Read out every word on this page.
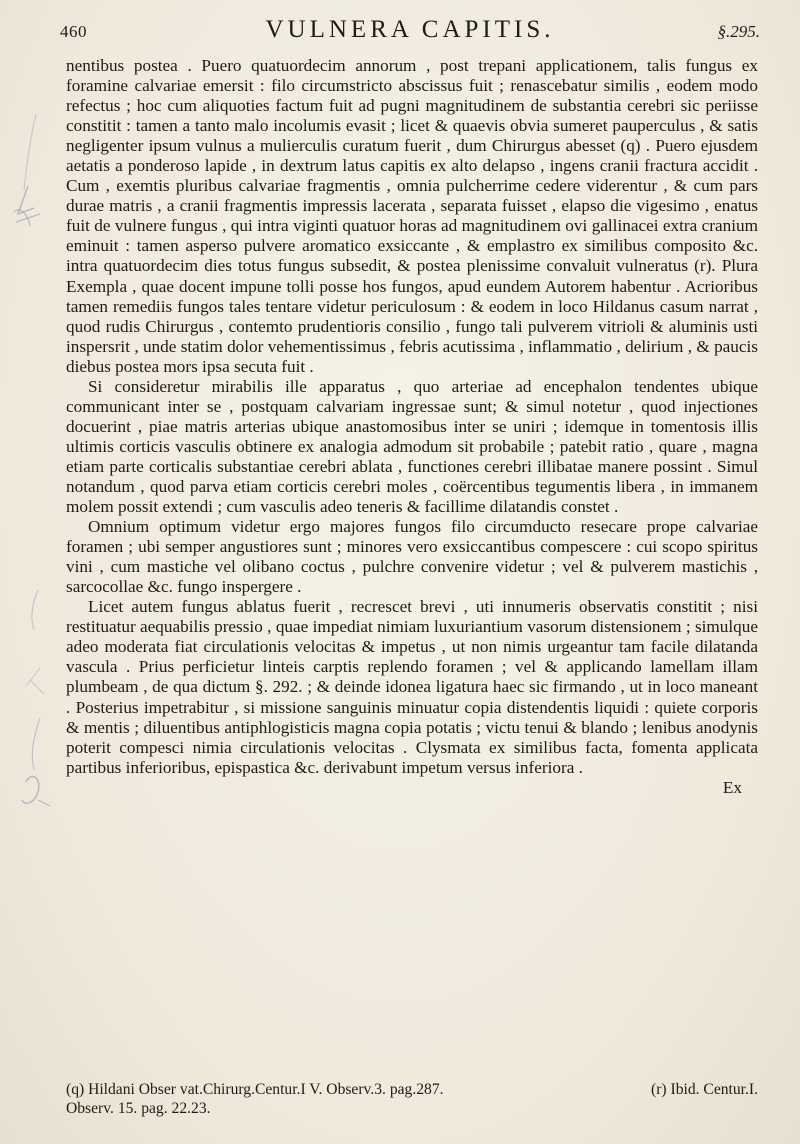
460	VULNERA CAPITIS.	§.295.

nentibus postea . Puero quatuordecim annorum , post trepani applicationem, talis fungus ex foramine calvariae emersit : filo circumstricto abscissus fuit ; renascebatur similis , eodem modo refectus ; hoc cum aliquoties factum fuit ad pugni magnitudinem de substantia cerebri sic periisse constitit : tamen a tanto malo incolumis evasit ; licet & quaevis obvia sumeret pauperculus , & satis negligenter ipsum vulnus a mulierculis curatum fuerit , dum Chirurgus abesset (q) . Puero ejusdem aetatis a ponderoso lapide , in dextrum latus capitis ex alto delapso , ingens cranii fractura accidit . Cum , exemtis pluribus calvariae fragmentis , omnia pulcherrime cedere viderentur , & cum pars durae matris , a cranii fragmentis impressis lacerata , separata fuisset , elapso die vigesimo , enatus fuit de vulnere fungus , qui intra viginti quatuor horas ad magnitudinem ovi gallinacei extra cranium eminuit : tamen asperso pulvere aromatico exsiccante , & emplastro ex similibus composito &c. intra quatuordecim dies totus fungus subsedit, & postea plenissime convaluit vulneratus (r). Plura Exempla , quae docent impune tolli posse hos fungos, apud eundem Autorem habentur . Acrioribus tamen remediis fungos tales tentare videtur periculosum : & eodem in loco Hildanus casum narrat , quod rudis Chirurgus , contemto prudentioris consilio , fungo tali pulverem vitrioli & aluminis usti inspersrit , unde statim dolor vehementissimus , febris acutissima , inflammatio , delirium , & paucis diebus postea mors ipsa secuta fuit .

Si consideretur mirabilis ille apparatus , quo arteriae ad encephalon tendentes ubique communicant inter se , postquam calvariam ingressae sunt; & simul notetur , quod injectiones docuerint , piae matris arterias ubique anastomosibus inter se uniri ; idemque in tomentosis illis ultimis corticis vasculis obtinere ex analogia admodum sit probabile ; patebit ratio , quare , magna etiam parte corticalis substantiae cerebri ablata , functiones cerebri illibatae manere possint . Simul notandum , quod parva etiam corticis cerebri moles , coërcentibus tegumentis libera , in immanem molem possit extendi ; cum vasculis adeo teneris & facillime dilatandis constet .

Omnium optimum videtur ergo majores fungos filo circumducto resecare prope calvariae foramen ; ubi semper angustiores sunt ; minores vero exsiccantibus compescere : cui scopo spiritus vini , cum mastiche vel olibano coctus , pulchre convenire videtur ; vel & pulverem mastichis , sarcocollae &c. fungo inspergere .

Licet autem fungus ablatus fuerit , recrescet brevi , uti innumeris observatis constitit ; nisi restituatur aequabilis pressio , quae impediat nimiam luxuriantium vasorum distensionem ; simulque adeo moderata fiat circulationis velocitas & impetus , ut non nimis urgeantur tam facile dilatanda vascula . Prius perficietur linteis carptis replendo foramen ; vel & applicando lamellam illam plumbeam , de qua dictum §. 292. ; & deinde idonea ligatura haec sic firmando , ut in loco maneant . Posterius impetrabitur , si missione sanguinis minuatur copia distendentis liquidi : quiete corporis & mentis ; diluentibus antiphlogisticis magna copia potatis ; victu tenui & blando ; lenibus anodynis poterit compesci nimia circulationis velocitas . Clysmata ex similibus facta, fomenta applicata partibus inferioribus, epispastica &c. derivabunt impetum versus inferiora .

Ex
(q) Hildani Obser vat.Chirurg.Centur.I V. Observ.3. pag.287.	(r) Ibid. Centur.I.
Observ. 15. pag. 22.23.
